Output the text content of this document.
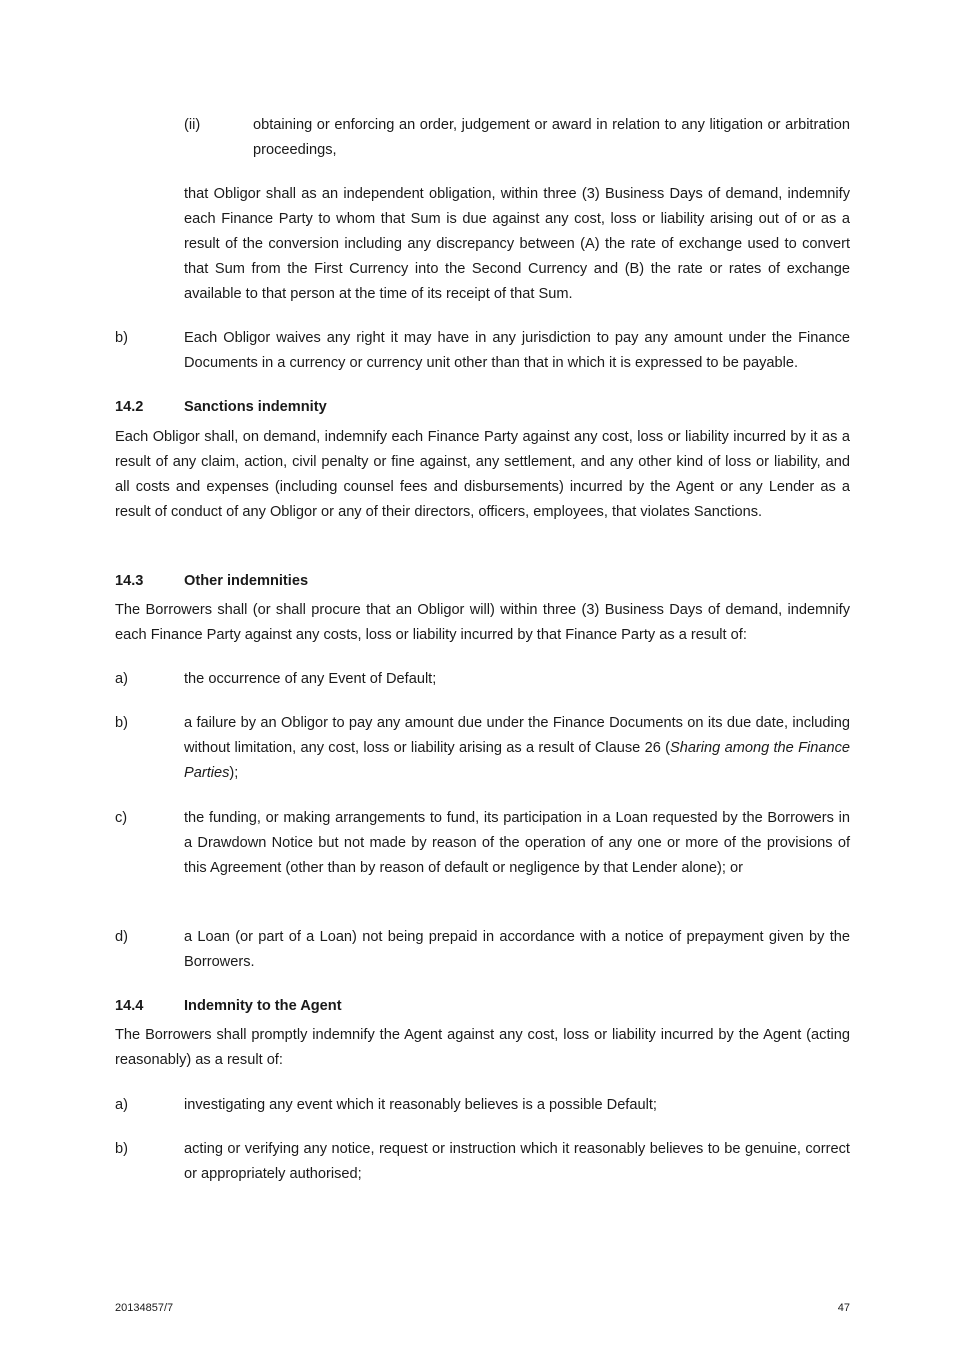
(ii)	obtaining or enforcing an order, judgement or award in relation to any litigation or arbitration proceedings,

that Obligor shall as an independent obligation, within three (3) Business Days of demand, indemnify each Finance Party to whom that Sum is due against any cost, loss or liability arising out of or as a result of the conversion including any discrepancy between (A) the rate of exchange used to convert that Sum from the First Currency into the Second Currency and (B) the rate or rates of exchange available to that person at the time of its receipt of that Sum.

b)	Each Obligor waives any right it may have in any jurisdiction to pay any amount under the Finance Documents in a currency or currency unit other than that in which it is expressed to be payable.

14.2	Sanctions indemnity

Each Obligor shall, on demand, indemnify each Finance Party against any cost, loss or liability incurred by it as a result of any claim, action, civil penalty or fine against, any settlement, and any other kind of loss or liability, and all costs and expenses (including counsel fees and disbursements) incurred by the Agent or any Lender as a result of conduct of any Obligor or any of their directors, officers, employees, that violates Sanctions.

14.3	Other indemnities

The Borrowers shall (or shall procure that an Obligor will) within three (3) Business Days of demand, indemnify each Finance Party against any costs, loss or liability incurred by that Finance Party as a result of:

a)	the occurrence of any Event of Default;

b)	a failure by an Obligor to pay any amount due under the Finance Documents on its due date, including without limitation, any cost, loss or liability arising as a result of Clause 26 (Sharing among the Finance Parties);

c)	the funding, or making arrangements to fund, its participation in a Loan requested by the Borrowers in a Drawdown Notice but not made by reason of the operation of any one or more of the provisions of this Agreement (other than by reason of default or negligence by that Lender alone); or

d)	a Loan (or part of a Loan) not being prepaid in accordance with a notice of prepayment given by the Borrowers.

14.4	Indemnity to the Agent

The Borrowers shall promptly indemnify the Agent against any cost, loss or liability incurred by the Agent (acting reasonably) as a result of:

a)	investigating any event which it reasonably believes is a possible Default;

b)	acting or verifying any notice, request or instruction which it reasonably believes to be genuine, correct or appropriately authorised;

20134857/7	47
